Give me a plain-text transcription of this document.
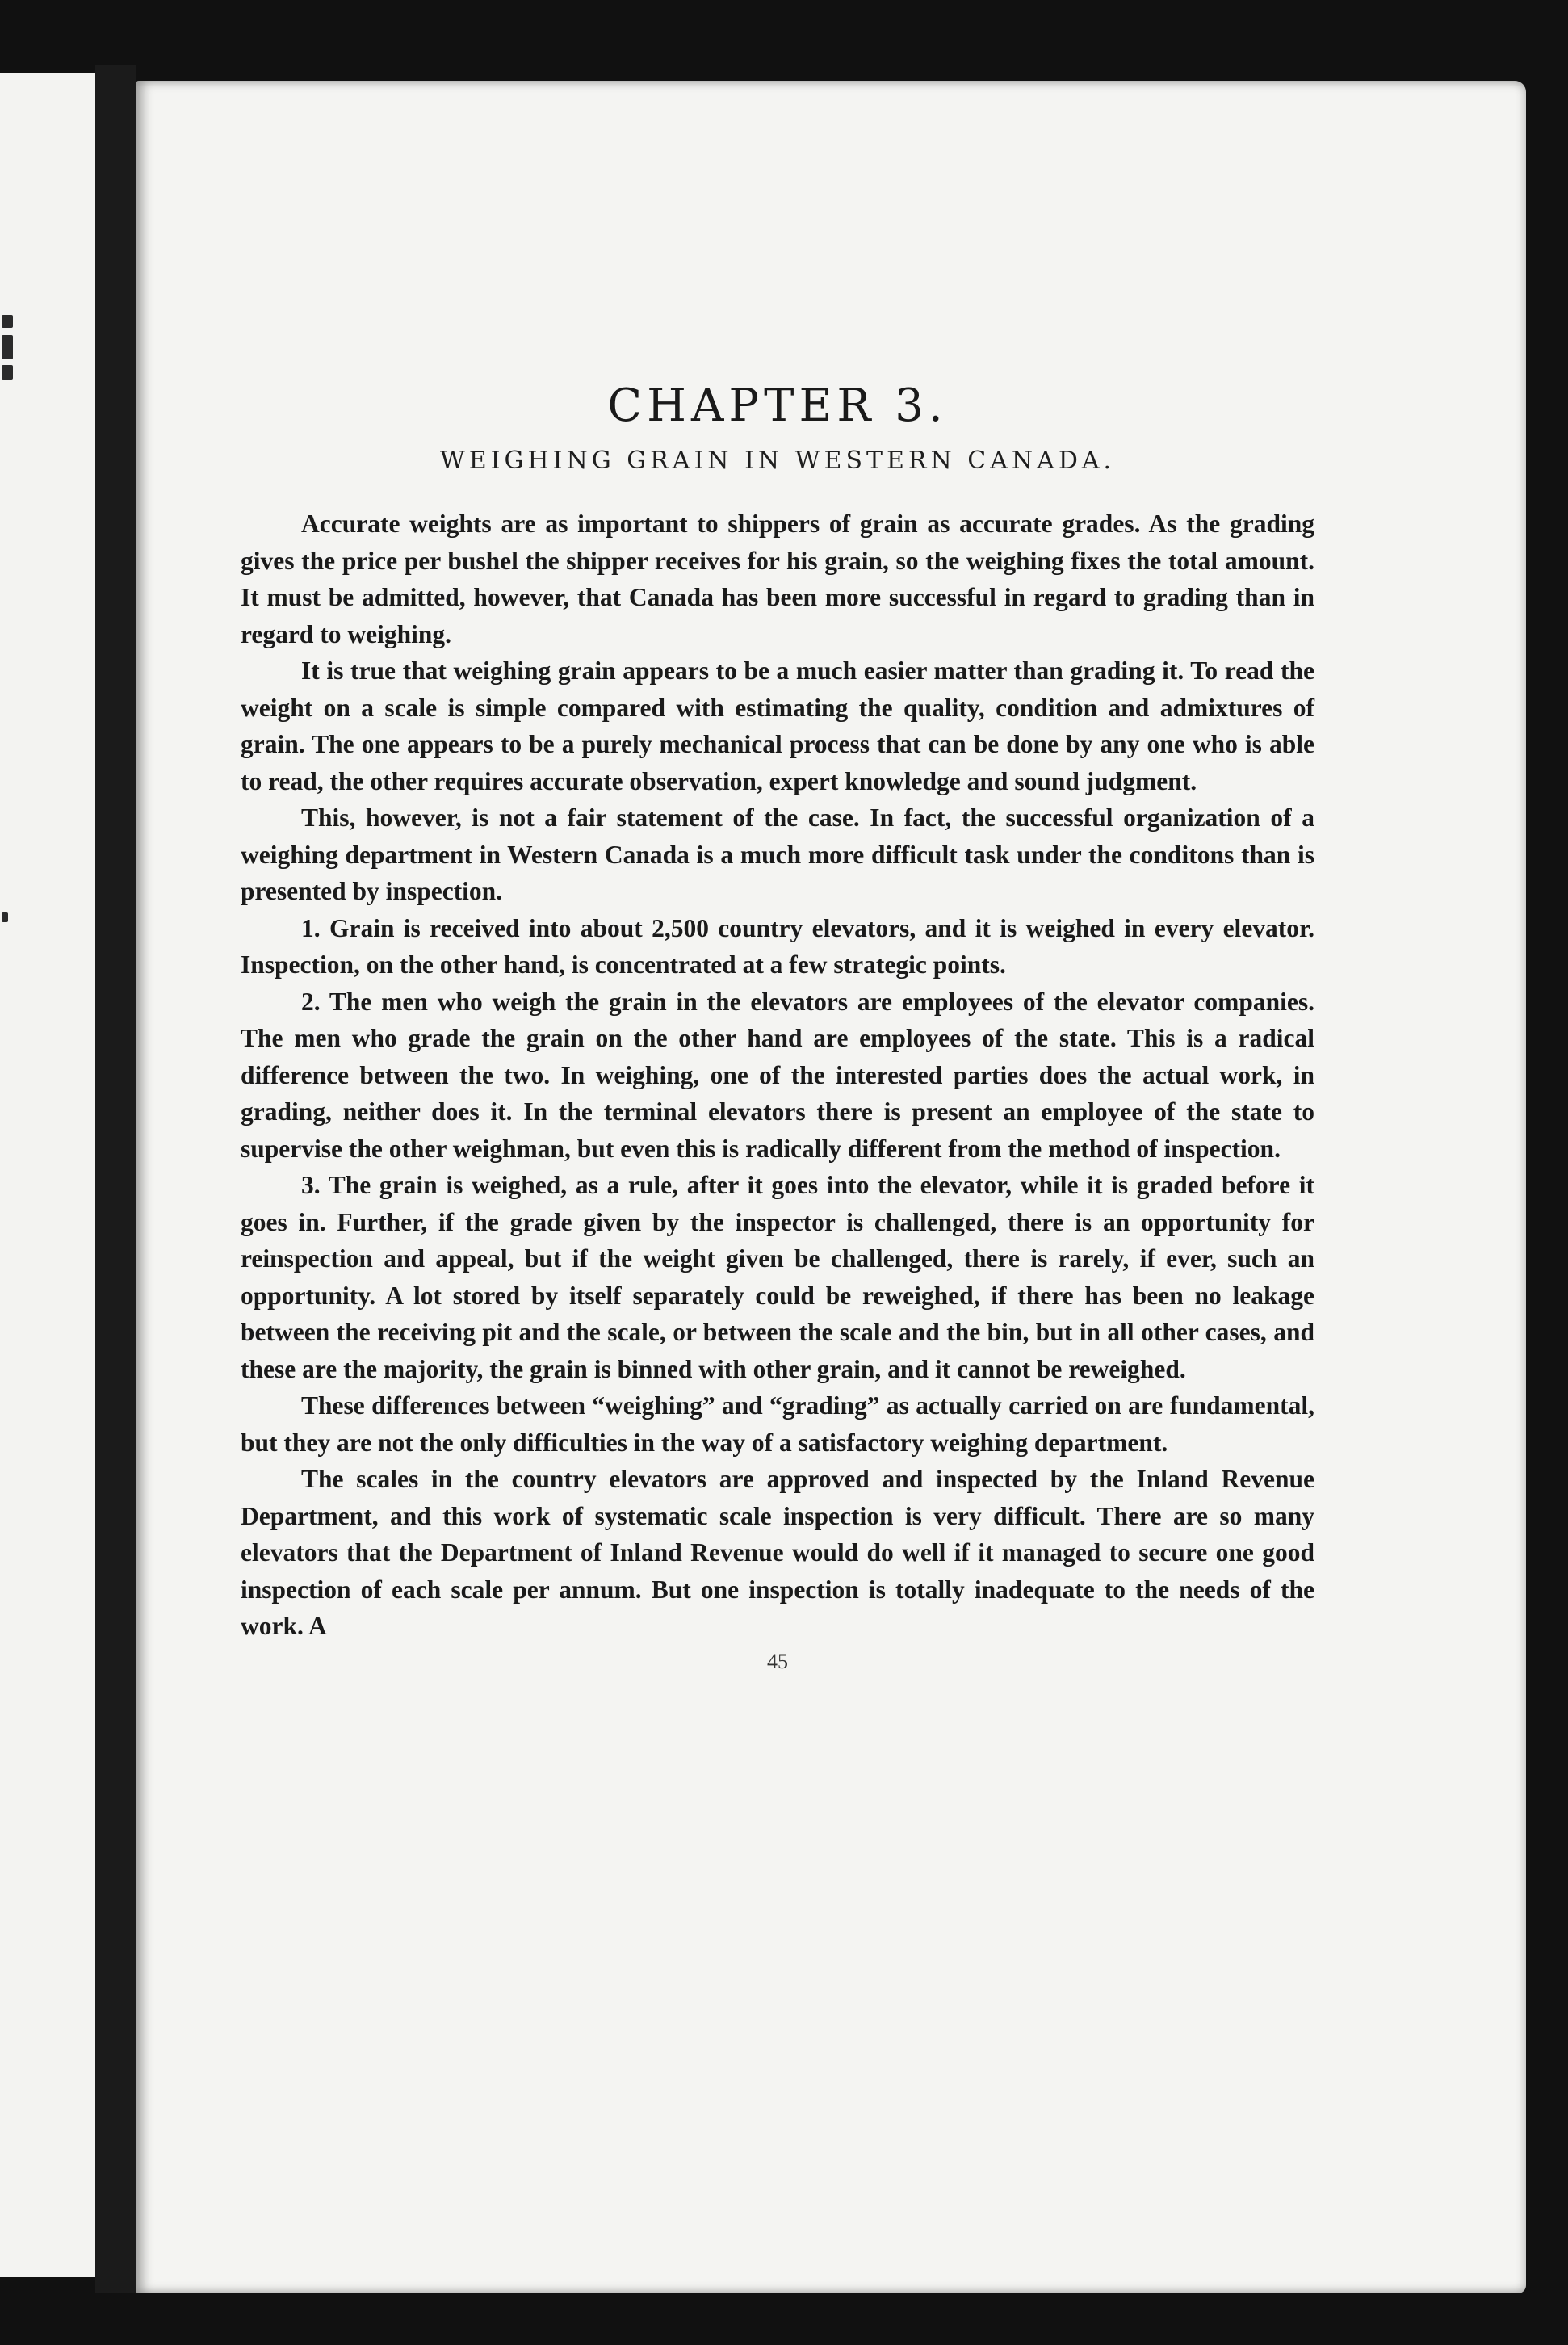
CHAPTER 3.
WEIGHING GRAIN IN WESTERN CANADA.

Accurate weights are as important to shippers of grain as accurate grades. As the grading gives the price per bushel the shipper receives for his grain, so the weighing fixes the total amount. It must be admitted, however, that Canada has been more successful in regard to grading than in regard to weighing.

It is true that weighing grain appears to be a much easier matter than grading it. To read the weight on a scale is simple compared with estimating the quality, condition and admixtures of grain. The one appears to be a purely mechanical process that can be done by any one who is able to read, the other requires accurate observation, expert knowledge and sound judgment.

This, however, is not a fair statement of the case. In fact, the successful organization of a weighing department in Western Canada is a much more difficult task under the conditons than is presented by inspection.

1. Grain is received into about 2,500 country elevators, and it is weighed in every elevator. Inspection, on the other hand, is concentrated at a few strategic points.

2. The men who weigh the grain in the elevators are employees of the elevator companies. The men who grade the grain on the other hand are employees of the state. This is a radical difference between the two. In weighing, one of the interested parties does the actual work, in grading, neither does it. In the terminal elevators there is present an employee of the state to supervise the other weighman, but even this is radically different from the method of inspection.

3. The grain is weighed, as a rule, after it goes into the elevator, while it is graded before it goes in. Further, if the grade given by the inspector is challenged, there is an opportunity for reinspection and appeal, but if the weight given be challenged, there is rarely, if ever, such an opportunity. A lot stored by itself separately could be reweighed, if there has been no leakage between the receiving pit and the scale, or between the scale and the bin, but in all other cases, and these are the majority, the grain is binned with other grain, and it cannot be reweighed.

These differences between “weighing” and “grading” as actually carried on are fundamental, but they are not the only difficulties in the way of a satisfactory weighing department.

The scales in the country elevators are approved and inspected by the Inland Revenue Department, and this work of systematic scale inspection is very difficult. There are so many elevators that the Department of Inland Revenue would do well if it managed to secure one good inspection of each scale per annum. But one inspection is totally inadequate to the needs of the work. A

45
